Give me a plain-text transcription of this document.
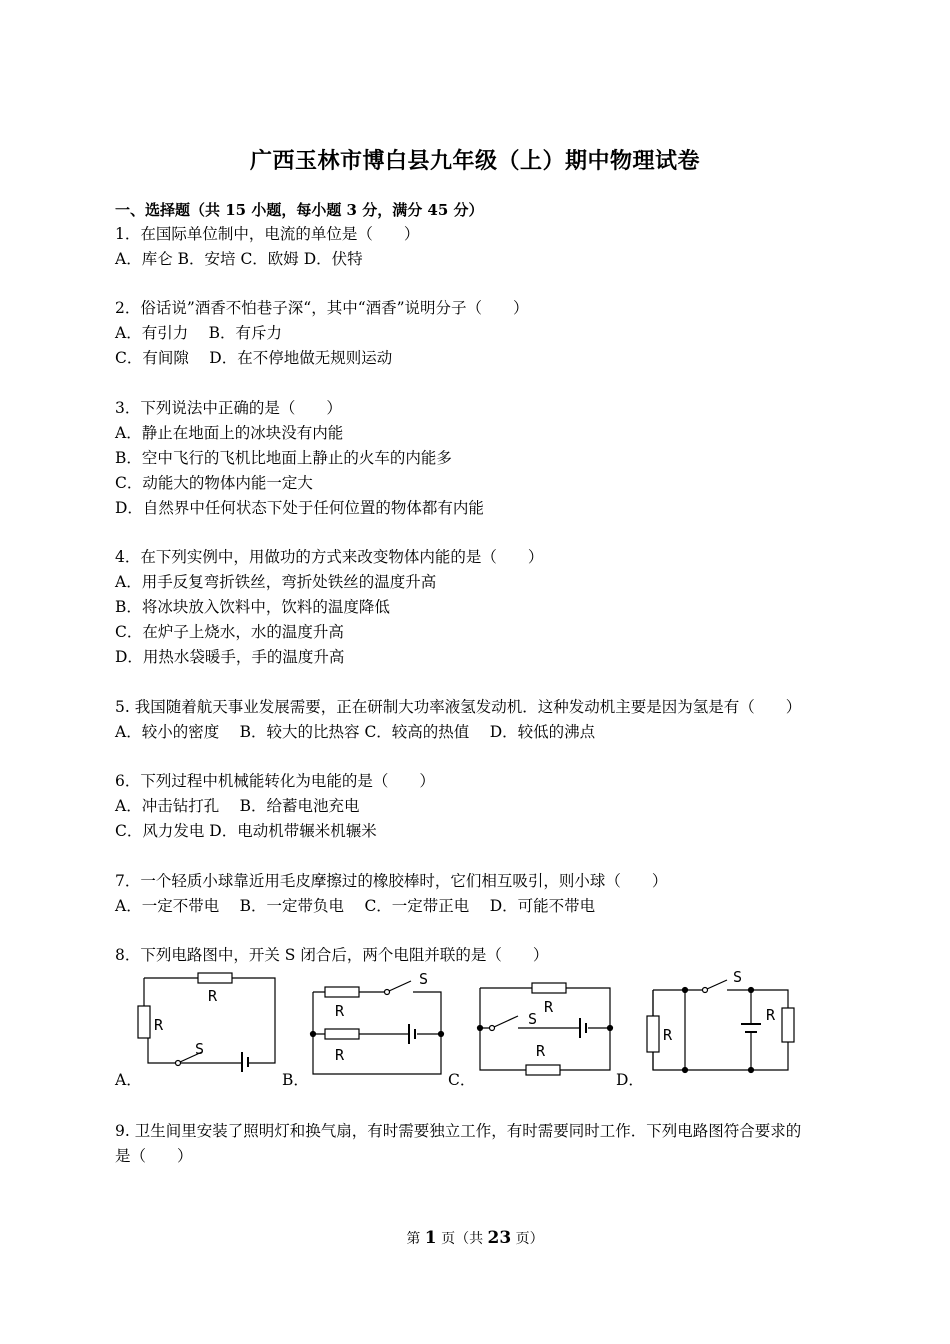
广西玉林市博白县九年级（上）期中物理试卷
一、选择题（共 15 小题，每小题 3 分，满分 45 分）
1．在国际单位制中，电流的单位是（　　）
A．库仑 B．安培 C．欧姆 D．伏特
2．俗话说”酒香不怕巷子深“，其中“酒香”说明分子（　　）
A．有引力　 B．有斥力
C．有间隙　 D．在不停地做无规则运动
3．下列说法中正确的是（　　）
A．静止在地面上的冰块没有内能
B．空中飞行的飞机比地面上静止的火车的内能多
C．动能大的物体内能一定大
D．自然界中任何状态下处于任何位置的物体都有内能
4．在下列实例中，用做功的方式来改变物体内能的是（　　）
A．用手反复弯折铁丝，弯折处铁丝的温度升高
B．将冰块放入饮料中，饮料的温度降低
C．在炉子上烧水，水的温度升高
D．用热水袋暖手，手的温度升高
5. 我国随着航天事业发展需要，正在研制大功率液氢发动机．这种发动机主要是因为氢是有（　　）
A．较小的密度　 B．较大的比热容 C．较高的热值　 D．较低的沸点
6．下列过程中机械能转化为电能的是（　　）
A．冲击钻打孔　 B．给蓄电池充电
C．风力发电 D．电动机带辗米机辗米
7．一个轻质小球靠近用毛皮摩擦过的橡胶棒时，它们相互吸引，则小球（　　）
A．一定不带电　 B．一定带负电　 C．一定带正电　 D．可能不带电
8．下列电路图中，开关 S 闭合后，两个电阻并联的是（　　）
A．
R
R
S
B．
R
R
S
C．
R
R
S
D．
R
R
S
9. 卫生间里安装了照明灯和换气扇，有时需要独立工作，有时需要同时工作．下列电路图符合要求的
是（　　）
第 1 页（共 23 页）
